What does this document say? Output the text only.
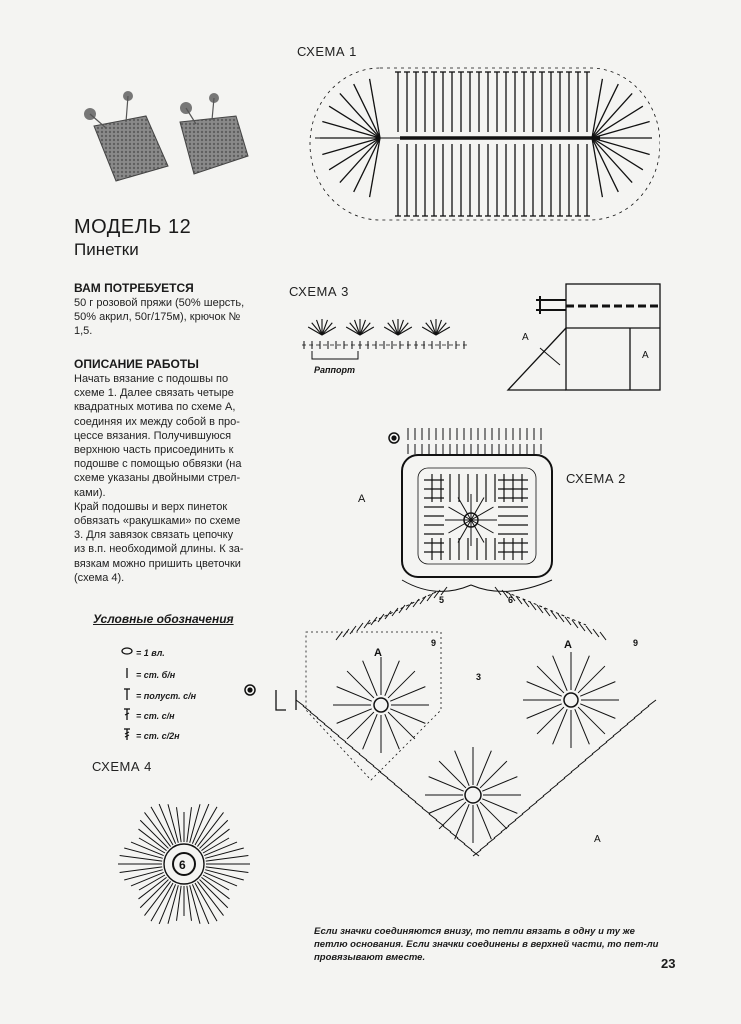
МОДЕЛЬ 12
Пинетки
ВАМ ПОТРЕБУЕТСЯ
50 г розовой пряжи (50% шерсть,
50% акрил, 50г/175м), крючок №
1,5.
ОПИСАНИЕ РАБОТЫ
Начать вязание с подошвы по
схеме 1. Далее связать четыре
квадратных мотива по схеме А,
соединяя их между собой в про-
цессе вязания. Получившуюся
верхнюю часть присоединить к
подошве с помощью обвязки (на
схеме указаны двойными стрел-
ками).
Край подошвы и верх пинеток
обвязать «ракушками» по схеме
3. Для завязок связать цепочку
из в.п. необходимой длины. К за-
вязкам можно пришить цветочки
(схема 4).
Условные обозначения
= 1 вл.
= ст. б/н
= полуст. с/н
= ст. с/н
= ст. с/2н
СХЕМА 1
СХЕМА 3
СХЕМА 2
СХЕМА 4
Раппорт
А
А
А
5	6
9	9
3
А
А
A
6
Если значки соединяются внизу, то петли вязать в одну и ту же петлю основания. Если значки соединены в верхней части, то пет-ли провязывают вместе.	23
